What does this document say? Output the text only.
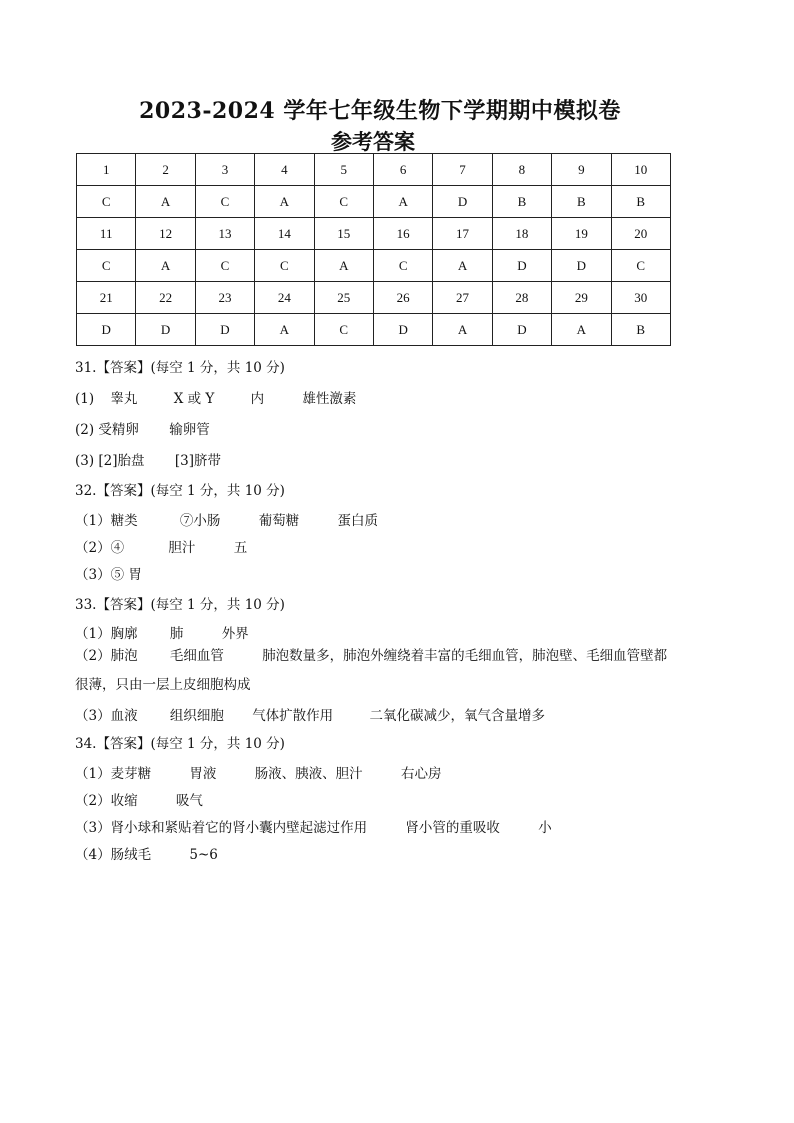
2023-2024 学年七年级生物下学期期中模拟卷
参考答案
1	2	3	4	5	6	7	8	9	10
C	A	C	A	C	A	D	B	B	B
11	12	13	14	15	16	17	18	19	20
C	A	C	C	A	C	A	D	D	C
21	22	23	24	25	26	27	28	29	30
D	D	D	A	C	D	A	D	A	B
31.【答案】(每空 1 分，共 10 分)
(1) 睾丸	X 或 Y	内	雄性激素
(2) 受精卵 输卵管
(3) [2]胎盘 [3]脐带
32.【答案】(每空 1 分，共 10 分)
（1）糖类	⑦小肠	葡萄糖	蛋白质
（2）④	胆汁	五
（3）⑤ 胃
33.【答案】(每空 1 分，共 10 分)
（1）胸廓 肺	外界
（2）肺泡 毛细血管	肺泡数量多，肺泡外缠绕着丰富的毛细血管，肺泡壁、毛细血管壁都很薄，只由一层上皮细胞构成
（3）血液 组织细胞 气体扩散作用	二氧化碳减少，氧气含量增多
34.【答案】(每空 1 分，共 10 分)
（1）麦芽糖	胃液	肠液、胰液、胆汁	右心房
（2）收缩	吸气
（3）肾小球和紧贴着它的肾小囊内壁起滤过作用	肾小管的重吸收	小
（4）肠绒毛	5~6
